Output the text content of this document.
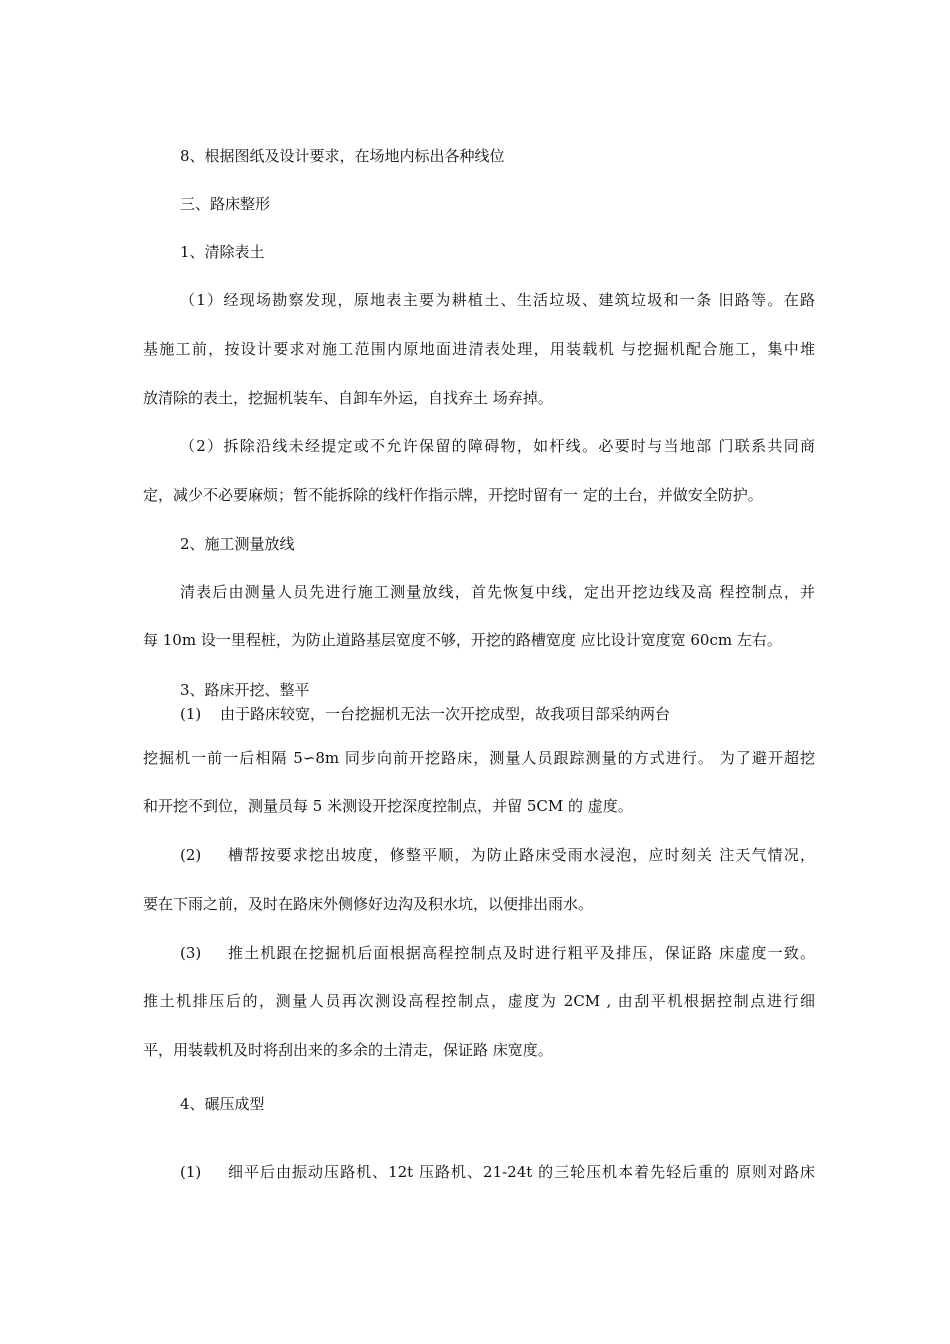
8、根据图纸及设计要求，在场地内标出各种线位
三、路床整形
1、清除表土
（1）经现场勘察发现，原地表主要为耕植土、生活垃圾、建筑垃圾和一条 旧路等。在路
基施工前，按设计要求对施工范围内原地面进清表处理，用装载机 与挖掘机配合施工，集中堆
放清除的表土，挖掘机装车、自卸车外运，自找弃土 场弃掉。
（2）拆除沿线未经提定或不允许保留的障碍物，如杆线。必要时与当地部 门联系共同商
定，减少不必要麻烦；暂不能拆除的线杆作指示牌，开挖时留有一 定的土台，并做安全防护。
2、施工测量放线
清表后由测量人员先进行施工测量放线，首先恢复中线，定出开挖边线及高 程控制点，并
每 10m 设一里程桩，为防止道路基层宽度不够，开挖的路槽宽度 应比设计宽度宽 60cm 左右。
3、路床开挖、整平
(1) 由于路床较宽，一台挖掘机无法一次开挖成型，故我项目部采纳两台
挖掘机一前一后相隔 5∽8m 同步向前开挖路床，测量人员跟踪测量的方式进行。 为了避开超挖
和开挖不到位，测量员每 5 米测设开挖深度控制点，并留 5CM 的 虚度。
(2) 槽帮按要求挖出坡度，修整平顺，为防止路床受雨水浸泡，应时刻关 注天气情况，
要在下雨之前，及时在路床外侧修好边沟及积水坑，以便排出雨水。
(3) 推土机跟在挖掘机后面根据高程控制点及时进行粗平及排压，保证路 床虚度一致。
推土机排压后的，测量人员再次测设高程控制点，虚度为 2CM , 由刮平机根据控制点进行细
平，用装载机及时将刮出来的多余的土清走，保证路 床宽度。
4、碾压成型
(1) 细平后由振动压路机、12t 压路机、21-24t 的三轮压机本着先轻后重的 原则对路床
